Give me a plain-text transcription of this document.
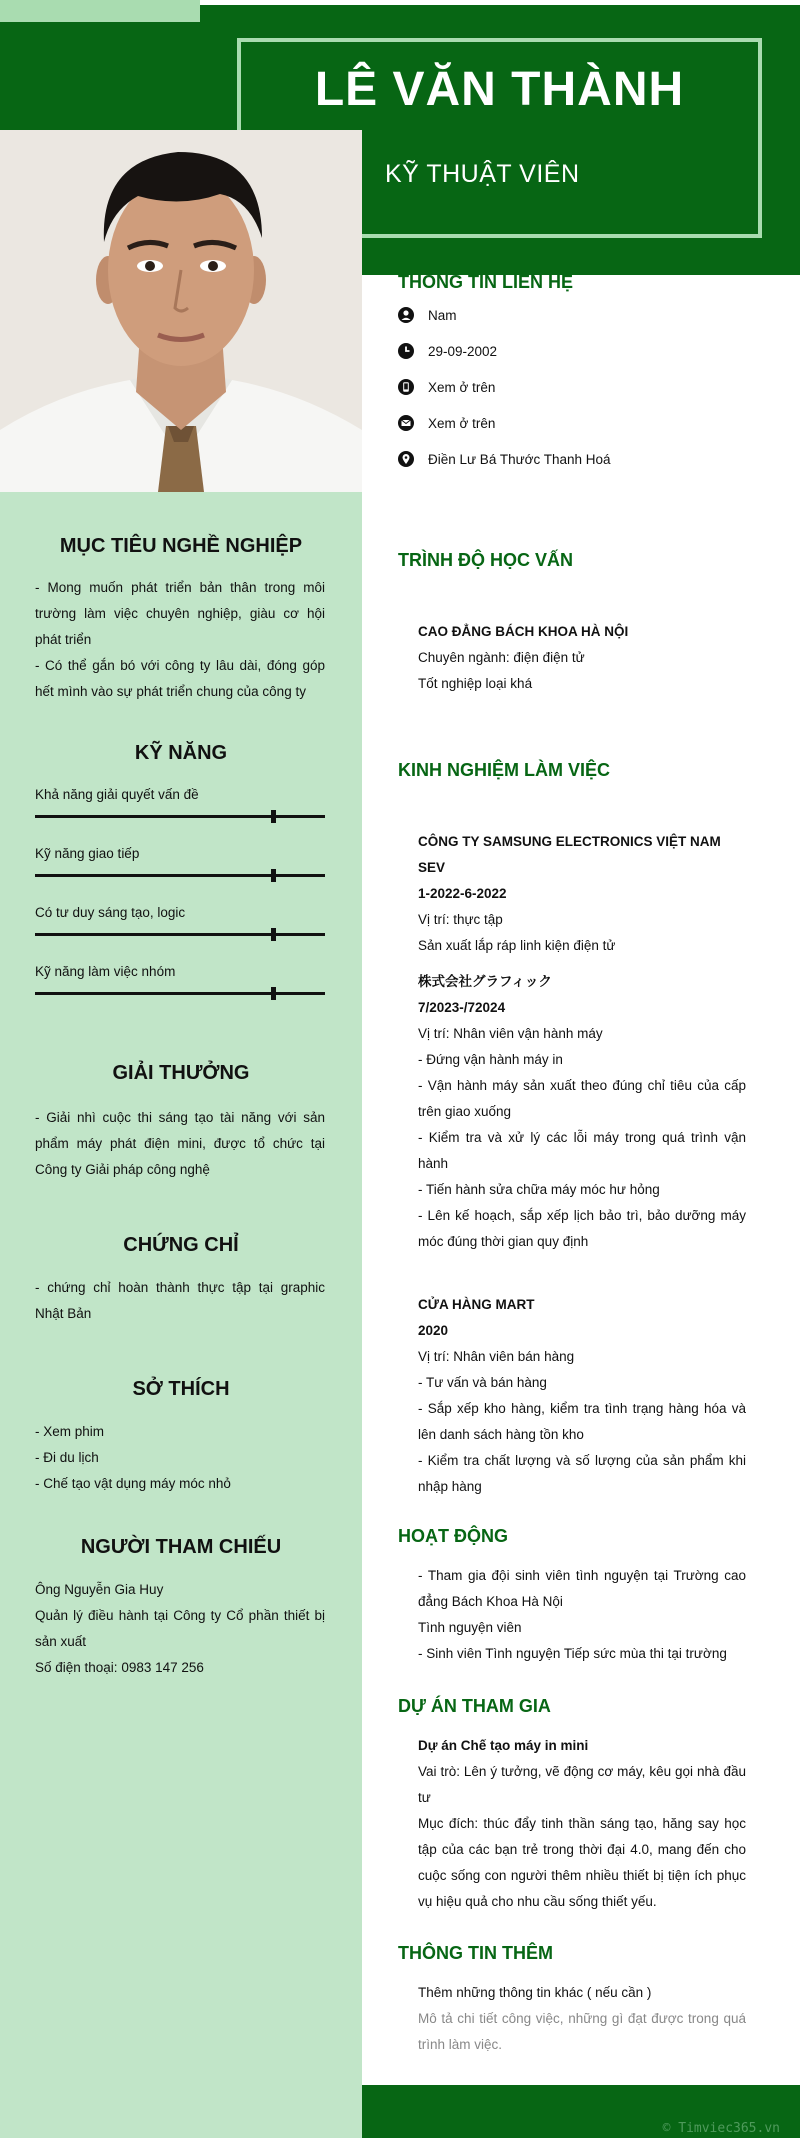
LÊ VĂN THÀNH
KỸ THUẬT VIÊN
MỤC TIÊU NGHỀ NGHIỆP
- Mong muốn phát triển bản thân trong môi trường làm việc chuyên nghiệp, giàu cơ hội phát triển
- Có thể gắn bó với công ty lâu dài, đóng góp hết mình vào sự phát triển chung của công ty
KỸ NĂNG
Khả năng giải quyết vấn đề
Kỹ năng giao tiếp
Có tư duy sáng tạo, logic
Kỹ năng làm việc nhóm
GIẢI THƯỞNG
- Giải nhì cuộc thi sáng tạo tài năng với sản phẩm máy phát điện mini, được tổ chức tại Công ty Giải pháp công nghệ
CHỨNG CHỈ
- chứng chỉ hoàn thành thực tập tại graphic Nhật Bản
SỞ THÍCH
- Xem phim
- Đi du lịch
- Chế tạo vật dụng máy móc nhỏ
NGƯỜI THAM CHIẾU
Ông Nguyễn Gia Huy
Quản lý điều hành tại Công ty Cổ phần thiết bị sản xuất
Số điện thoại: 0983 147 256
THÔNG TIN LIÊN HỆ
Nam
29-09-2002
Xem ở trên
Xem ở trên
Điền Lư Bá Thước Thanh Hoá
TRÌNH ĐỘ HỌC VẤN
CAO ĐẲNG BÁCH KHOA HÀ NỘI
Chuyên ngành: điện điện tử
Tốt nghiệp loại khá
KINH NGHIỆM LÀM VIỆC
CÔNG TY SAMSUNG ELECTRONICS VIỆT NAM SEV
1-2022-6-2022
Vị trí: thực tập
Sản xuất lắp ráp linh kiện điện tử
株式会社グラフィック
7/2023-/72024
Vị trí: Nhân viên vận hành máy
- Đứng vận hành máy in
- Vận hành máy sản xuất theo đúng chỉ tiêu của cấp trên giao xuống
- Kiểm tra và xử lý các lỗi máy trong quá trình vận hành
- Tiến hành sửa chữa máy móc hư hỏng
- Lên kế hoạch, sắp xếp lịch bảo trì, bảo dưỡng máy móc đúng thời gian quy định
CỬA HÀNG MART
2020
Vị trí: Nhân viên bán hàng
- Tư vấn và bán hàng
- Sắp xếp kho hàng, kiểm tra tình trạng hàng hóa và lên danh sách hàng tồn kho
- Kiểm tra chất lượng và số lượng của sản phẩm khi nhập hàng
HOẠT ĐỘNG
- Tham gia đội sinh viên tình nguyện tại Trường cao đẳng Bách Khoa Hà Nội
Tình nguyện viên
- Sinh viên Tình nguyện Tiếp sức mùa thi tại trường
DỰ ÁN THAM GIA
Dự án Chế tạo máy in mini
Vai trò: Lên ý tưởng, vẽ động cơ máy, kêu gọi nhà đầu tư
Mục đích: thúc đẩy tinh thần sáng tạo, hăng say học tập của các bạn trẻ trong thời đại 4.0, mang đến cho cuộc sống con người thêm nhiều thiết bị tiện ích phục vụ hiệu quả cho nhu cầu sống thiết yếu.
THÔNG TIN THÊM
Thêm những thông tin khác ( nếu cần )
Mô tả chi tiết công việc, những gì đạt được trong quá trình làm việc.
© Timviec365.vn
